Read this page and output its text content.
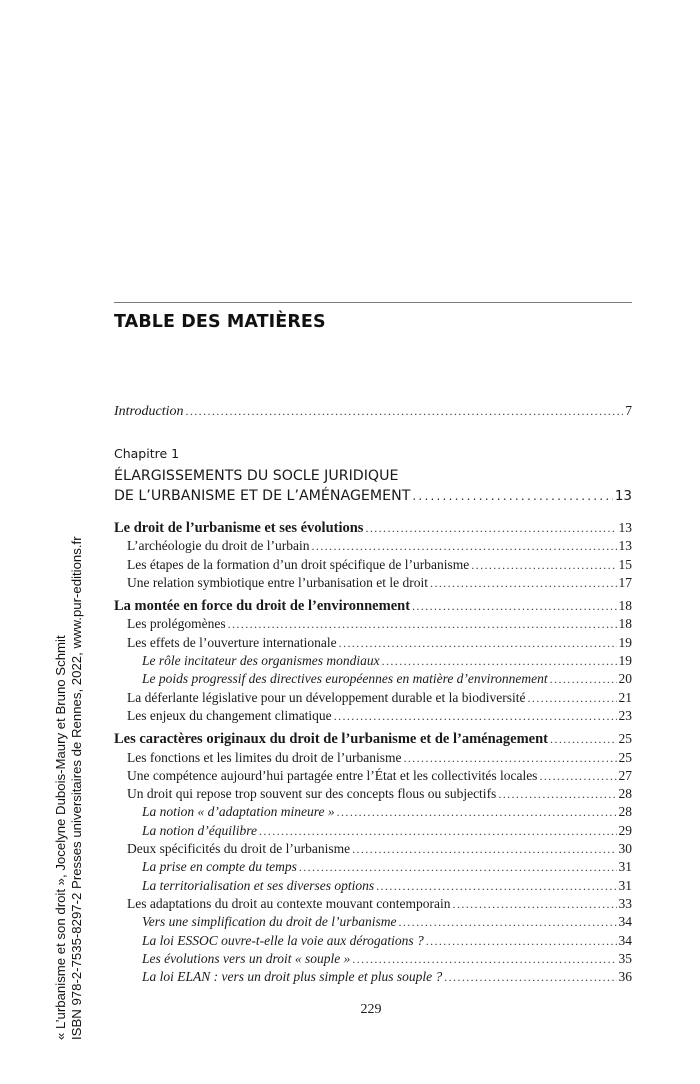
TABLE DES MATIÈRES
Introduction . . .	7
Chapitre 1
ÉLARGISSEMENTS DU SOCLE JURIDIQUE
DE L’URBANISME ET DE L’AMÉNAGEMENT . . .	13
Le droit de l’urbanisme et ses évolutions . . .	13
L’archéologie du droit de l’urbain . . .	13
Les étapes de la formation d’un droit spécifique de l’urbanisme . . .	15
Une relation symbiotique entre l’urbanisation et le droit . . .	17
La montée en force du droit de l’environnement . . .	18
Les prolégomènes . . .	18
Les effets de l’ouverture internationale . . .	19
Le rôle incitateur des organismes mondiaux . . .	19
Le poids progressif des directives européennes en matière d’environnement . . .	20
La déferlante législative pour un développement durable et la biodiversité . . .	21
Les enjeux du changement climatique . . .	23
Les caractères originaux du droit de l’urbanisme et de l’aménagement . . .	25
Les fonctions et les limites du droit de l’urbanisme . . .	25
Une compétence aujourd’hui partagée entre l’État et les collectivités locales . . .	27
Un droit qui repose trop souvent sur des concepts flous ou subjectifs . . .	28
La notion « d’adaptation mineure » . . .	28
La notion d’équilibre . . .	29
Deux spécificités du droit de l’urbanisme . . .	30
La prise en compte du temps . . .	31
La territorialisation et ses diverses options . . .	31
Les adaptations du droit au contexte mouvant contemporain . . .	33
Vers une simplification du droit de l’urbanisme . . .	34
La loi ESSOC ouvre-t-elle la voie aux dérogations ? . . .	34
Les évolutions vers un droit « souple » . . .	35
La loi ELAN : vers un droit plus simple et plus souple ? . . .	36
229
« L’urbanisme et son droit », Jocelyne Dubois-Maury et Bruno Schmit ISBN 978-2-7535-8297-2 Presses universitaires de Rennes, 2022, www.pur-editions.fr
